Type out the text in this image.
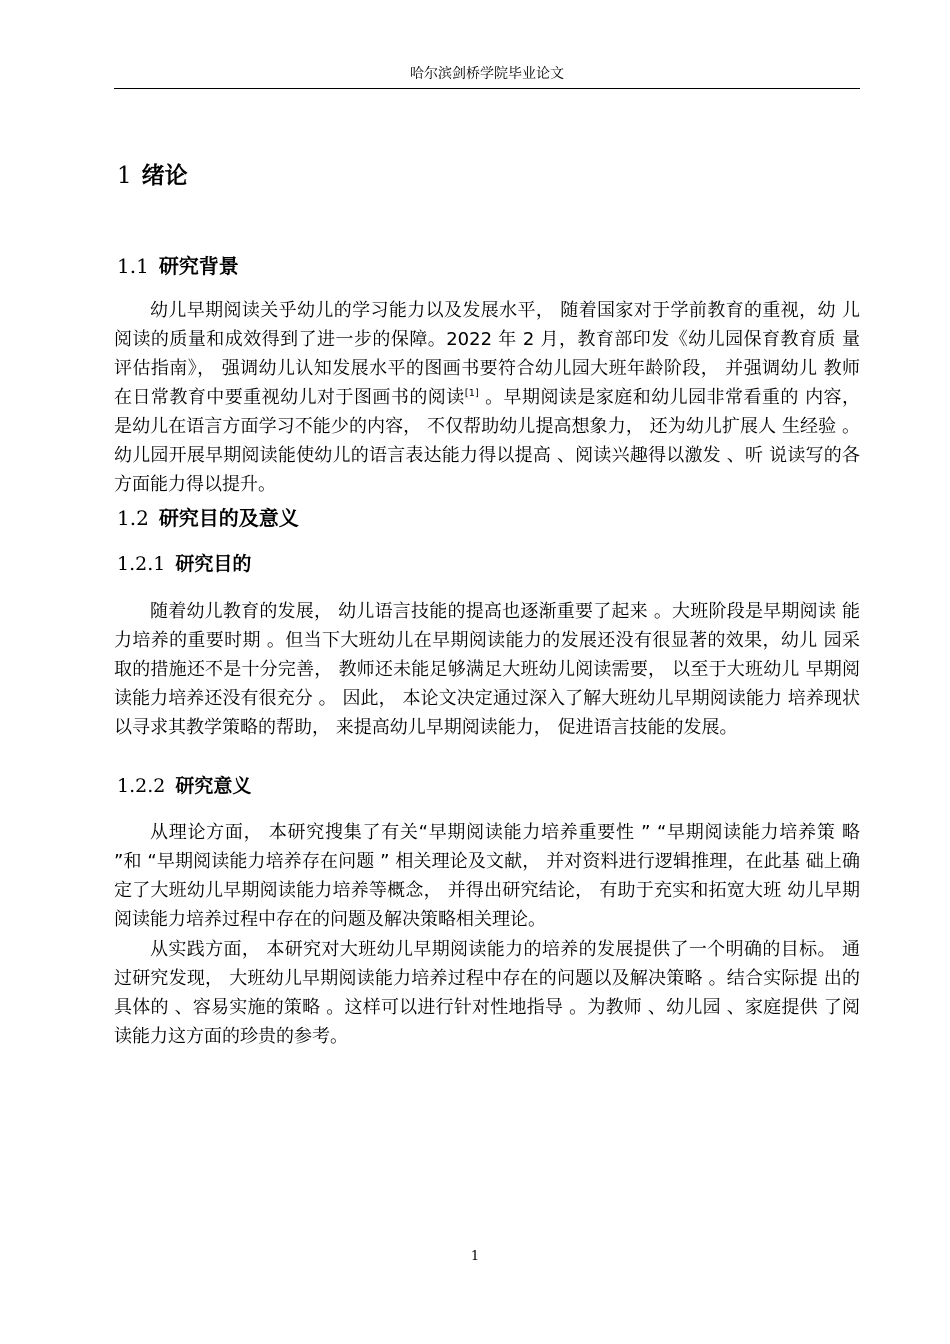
哈尔滨剑桥学院毕业论文
1 绪论
1.1 研究背景

幼儿早期阅读关乎幼儿的学习能力以及发展水平， 随着国家对于学前教育的重视，幼 儿阅读的质量和成效得到了进一步的保障。2022 年 2 月，教育部印发《幼儿园保育教育质 量评估指南》， 强调幼儿认知发展水平的图画书要符合幼儿园大班年龄阶段， 并强调幼儿 教师在日常教育中要重视幼儿对于图画书的阅读[1] 。早期阅读是家庭和幼儿园非常看重的 内容， 是幼儿在语言方面学习不能少的内容， 不仅帮助幼儿提高想象力， 还为幼儿扩展人 生经验 。幼儿园开展早期阅读能使幼儿的语言表达能力得以提高 、阅读兴趣得以激发 、听 说读写的各方面能力得以提升。

1.2 研究目的及意义
1.2.1 研究目的

随着幼儿教育的发展， 幼儿语言技能的提高也逐渐重要了起来 。大班阶段是早期阅读 能力培养的重要时期 。但当下大班幼儿在早期阅读能力的发展还没有很显著的效果，幼儿 园采取的措施还不是十分完善， 教师还未能足够满足大班幼儿阅读需要， 以至于大班幼儿 早期阅读能力培养还没有很充分 。 因此， 本论文决定通过深入了解大班幼儿早期阅读能力 培养现状以寻求其教学策略的帮助， 来提高幼儿早期阅读能力， 促进语言技能的发展。

1.2.2 研究意义

从理论方面， 本研究搜集了有关“早期阅读能力培养重要性 ” “早期阅读能力培养策 略 ”和 “早期阅读能力培养存在问题 ” 相关理论及文献， 并对资料进行逻辑推理，在此基 础上确定了大班幼儿早期阅读能力培养等概念， 并得出研究结论， 有助于充实和拓宽大班 幼儿早期阅读能力培养过程中存在的问题及解决策略相关理论。

从实践方面， 本研究对大班幼儿早期阅读能力的培养的发展提供了一个明确的目标。 通过研究发现， 大班幼儿早期阅读能力培养过程中存在的问题以及解决策略 。结合实际提 出的具体的 、容易实施的策略 。这样可以进行针对性地指导 。为教师 、幼儿园 、家庭提供 了阅读能力这方面的珍贵的参考。

1
